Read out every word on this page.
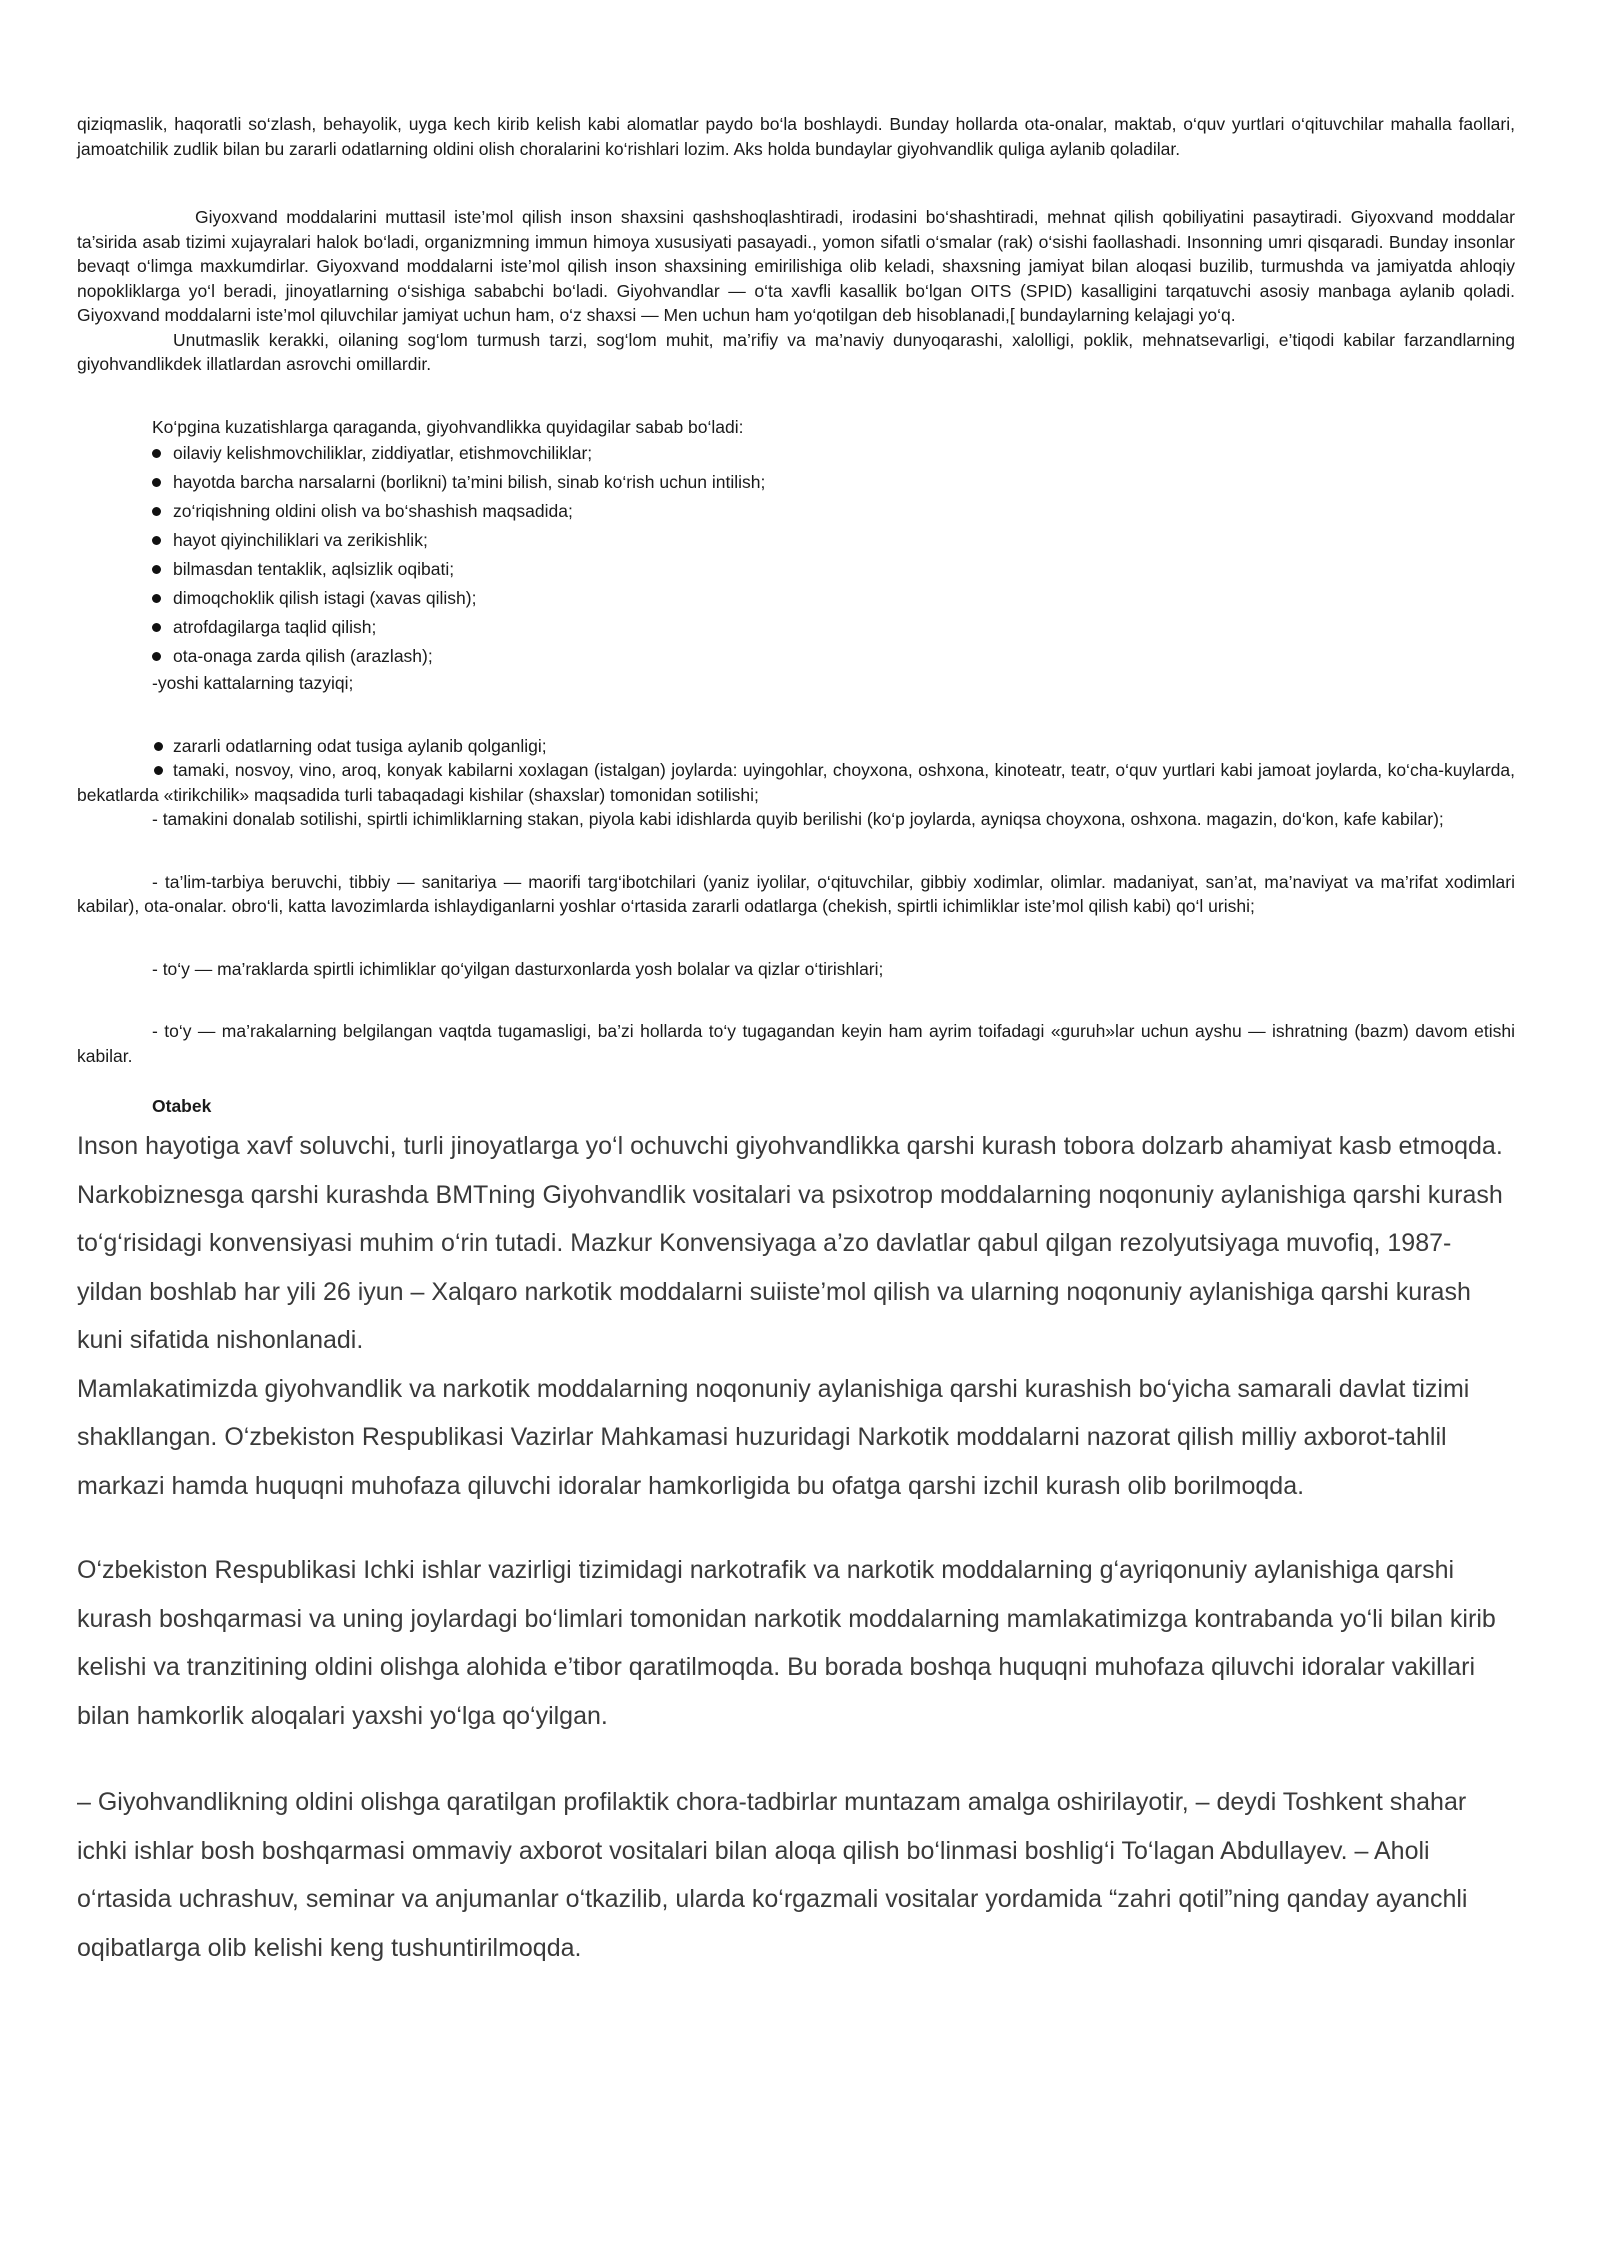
qiziqmaslik, haqoratli so‘zlash, behayolik, uyga kech kirib kelish kabi alomatlar paydo bo‘la boshlaydi. Bunday hollarda ota-onalar, maktab, o‘quv yurtlari o‘qituvchilar mahalla faollari, jamoatchilik zudlik bilan bu zararli odatlarning oldini olish choralarini ko‘rishlari lozim. Aks holda bundaylar giyohvandlik quliga aylanib qoladilar.

Giyoxvand moddalarini muttasil iste’mol qilish inson shaxsini qashshoqlashtiradi, irodasini bo‘shashtiradi, mehnat qilish qobiliyatini pasaytiradi. Giyoxvand moddalar ta’sirida asab tizimi xujayralari halok bo‘ladi, organizmning immun himoya xususiyati pasayadi., yomon sifatli o‘smalar (rak) o‘sishi faollashadi. Insonning umri qisqaradi. Bunday insonlar bevaqt o‘limga maxkumdirlar. Giyoxvand moddalarni iste’mol qilish inson shaxsining emirilishiga olib keladi, shaxsning jamiyat bilan aloqasi buzilib, turmushda va jamiyatda ahloqiy nopokliklarga yo‘l beradi, jinoyatlarning o‘sishiga sababchi bo‘ladi. Giyohvandlar — o‘ta xavfli kasallik bo‘lgan OITS (SPID) kasalligini tarqatuvchi asosiy manbaga aylanib qoladi. Giyoxvand moddalarni iste’mol qiluvchilar jamiyat uchun ham, o‘z shaxsi — Men uchun ham yo‘qotilgan deb hisoblanadi,[ bundaylarning kelajagi yo‘q.

Unutmaslik kerakki, oilaning sog‘lom turmush tarzi, sog‘lom muhit, ma’rifiy va ma’naviy dunyoqarashi, xalolligi, poklik, mehnatsevarligi, e’tiqodi kabilar farzandlarning giyohvandlikdek illatlardan asrovchi omillardir.

Ko‘pgina kuzatishlarga qaraganda, giyohvandlikka quyidagilar sabab bo‘ladi:

oilaviy kelishmovchiliklar, ziddiyatlar, etishmovchiliklar;
hayotda barcha narsalarni (borlikni) ta’mini bilish, sinab ko‘rish uchun intilish;
zo‘riqishning oldini olish va bo‘shashish maqsadida;
hayot qiyinchiliklari va zerikishlik;
bilmasdan tentaklik, aqlsizlik oqibati;
dimoqchoklik qilish istagi (xavas qilish);
atrofdagilarga taqlid qilish;
ota-onaga zarda qilish (arazlash);

-yoshi kattalarning tazyiqi;

zararli odatlarning odat tusiga aylanib qolganligi;
tamaki, nosvoy, vino, aroq, konyak kabilarni xoxlagan (istalgan) joylarda: uyingohlar, choyxona, oshxona, kinoteatr, teatr, o‘quv yurtlari kabi jamoat joylarda, ko‘cha-kuylarda, bekatlarda «tirikchilik» maqsadida turli tabaqadagi kishilar (shaxslar) tomonidan sotilishi;

- tamakini donalab sotilishi, spirtli ichimliklarning stakan, piyola kabi idishlarda quyib berilishi (ko‘p joylarda, ayniqsa choyxona, oshxona. magazin, do‘kon, kafe kabilar);

- ta’lim-tarbiya beruvchi, tibbiy — sanitariya — maorifi targ‘ibotchilari (yaniz iyolilar, o‘qituvchilar, gibbiy xodimlar, olimlar. madaniyat, san’at, ma’naviyat va ma’rifat xodimlari kabilar), ota-onalar. obro‘li, katta lavozimlarda ishlaydiganlarni yoshlar o‘rtasida zararli odatlarga (chekish, spirtli ichimliklar iste’mol qilish kabi) qo‘l urishi;

- to‘y — ma’raklarda spirtli ichimliklar qo‘yilgan dasturxonlarda yosh bolalar va qizlar o‘tirishlari;

- to‘y — ma’rakalarning belgilangan vaqtda tugamasligi, ba’zi hollarda to‘y tugagandan keyin ham ayrim toifadagi «guruh»lar uchun ayshu — ishratning (bazm) davom etishi kabilar.

Otabek

Inson hayotiga xavf soluvchi, turli jinoyatlarga yo‘l ochuvchi giyohvandlikka qarshi kurash tobora dolzarb ahamiyat kasb etmoqda. Narkobiznesga qarshi kurashda BMTning Giyohvandlik vositalari va psixotrop moddalarning noqonuniy aylanishiga qarshi kurash to‘g‘risidagi konvensiyasi muhim o‘rin tutadi. Mazkur Konvensiyaga a’zo davlatlar qabul qilgan rezolyutsiyaga muvofiq, 1987-yildan boshlab har yili 26 iyun – Xalqaro narkotik moddalarni suiiste’mol qilish va ularning noqonuniy aylanishiga qarshi kurash kuni sifatida nishonlanadi.

Mamlakatimizda giyohvandlik va narkotik moddalarning noqonuniy aylanishiga qarshi kurashish bo‘yicha samarali davlat tizimi shakllangan. O‘zbekiston Respublikasi Vazirlar Mahkamasi huzuridagi Narkotik moddalarni nazorat qilish milliy axborot-tahlil markazi hamda huquqni muhofaza qiluvchi idoralar hamkorligida bu ofatga qarshi izchil kurash olib borilmoqda.

O‘zbekiston Respublikasi Ichki ishlar vazirligi tizimidagi narkotrafik va narkotik moddalarning g‘ayriqonuniy aylanishiga qarshi kurash boshqarmasi va uning joylardagi bo‘limlari tomonidan narkotik moddalarning mamlakatimizga kontrabanda yo‘li bilan kirib kelishi va tranzitining oldini olishga alohida e’tibor qaratilmoqda. Bu borada boshqa huquqni muhofaza qiluvchi idoralar vakillari bilan hamkorlik aloqalari yaxshi yo‘lga qo‘yilgan.

– Giyohvandlikning oldini olishga qaratilgan profilaktik chora-tadbirlar muntazam amalga oshirilayotir, – deydi Toshkent shahar ichki ishlar bosh boshqarmasi ommaviy axborot vositalari bilan aloqa qilish bo‘linmasi boshlig‘i To‘lagan Abdullayev. – Aholi o‘rtasida uchrashuv, seminar va anjumanlar o‘tkazilib, ularda ko‘rgazmali vositalar yordamida “zahri qotil”ning qanday ayanchli oqibatlarga olib kelishi keng tushuntirilmoqda.
